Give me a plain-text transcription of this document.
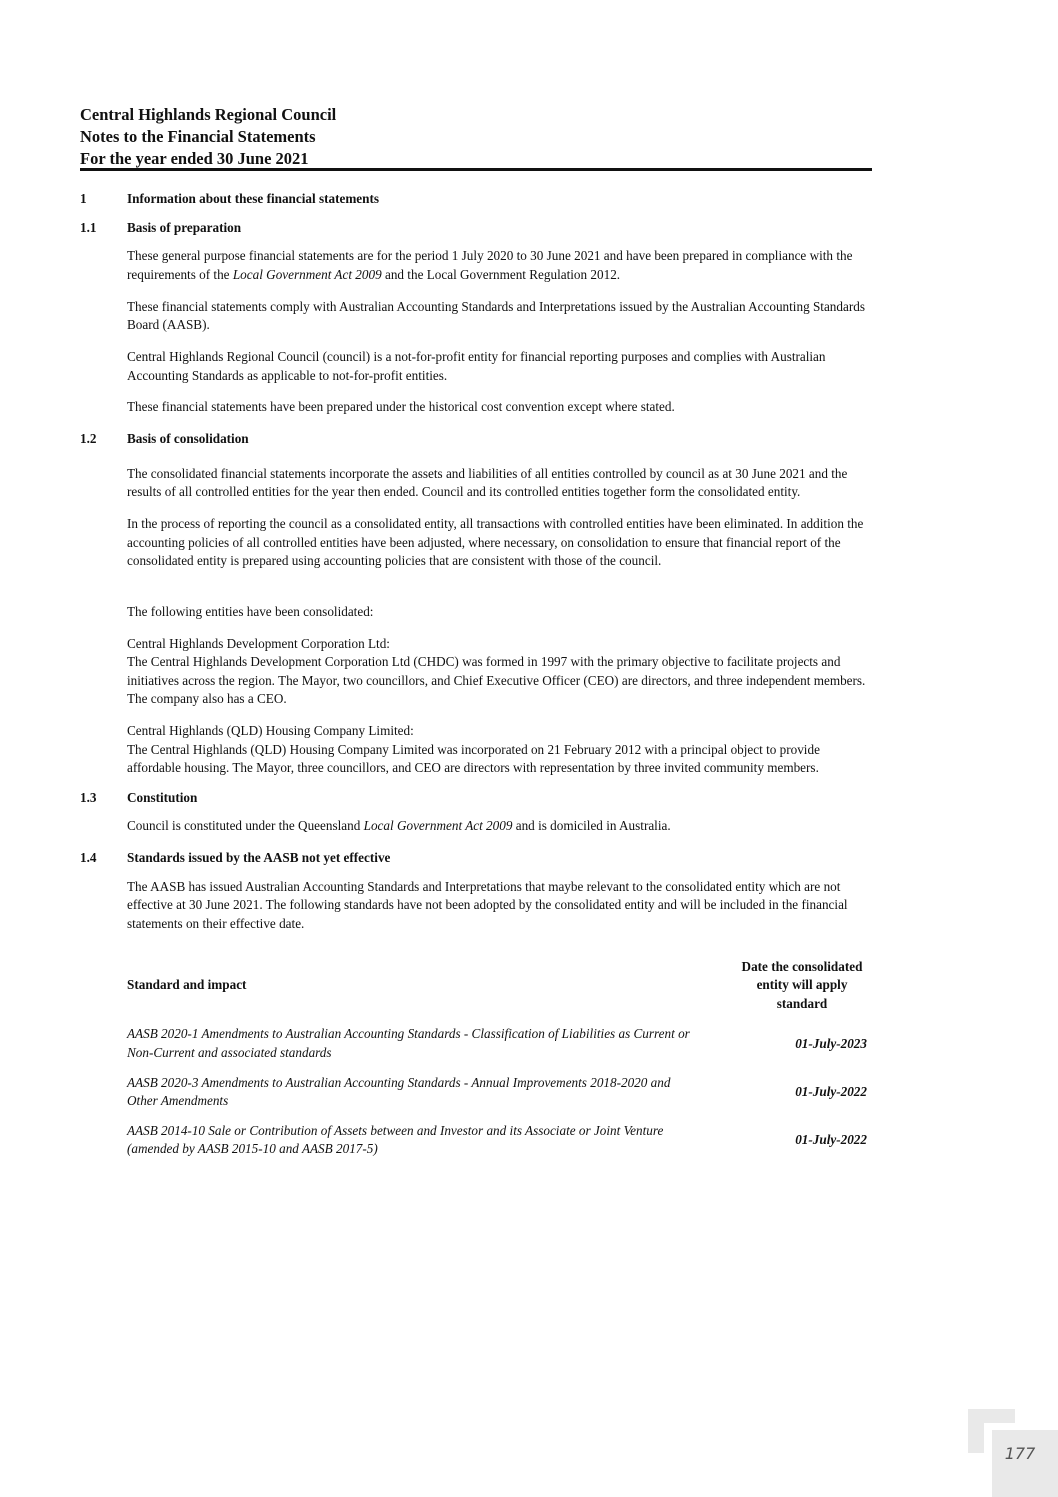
Central Highlands Regional Council
Notes to the Financial Statements
For the year ended 30 June 2021
1	Information about these financial statements
1.1	Basis of preparation

These general purpose financial statements are for the period 1 July 2020 to 30 June 2021 and have been prepared in compliance with the requirements of the Local Government Act 2009 and the Local Government Regulation 2012.

These financial statements comply with Australian Accounting Standards and Interpretations issued by the Australian Accounting Standards Board (AASB).

Central Highlands Regional Council (council) is a not-for-profit entity for financial reporting purposes and complies with Australian Accounting Standards as applicable to not-for-profit entities.

These financial statements have been prepared under the historical cost convention except where stated.

1.2	Basis of consolidation

The consolidated financial statements incorporate the assets and liabilities of all entities controlled by council as at 30 June 2021 and the results of all controlled entities for the year then ended. Council and its controlled entities together form the consolidated entity.

In the process of reporting the council as a consolidated entity, all transactions with controlled entities have been eliminated. In addition the accounting policies of all controlled entities have been adjusted, where necessary, on consolidation to ensure that financial report of the consolidated entity is prepared using accounting policies that are consistent with those of the council.

The following entities have been consolidated:

Central Highlands Development Corporation Ltd:
The Central Highlands Development Corporation Ltd (CHDC) was formed in 1997 with the primary objective to facilitate projects and initiatives across the region. The Mayor, two councillors, and Chief Executive Officer (CEO) are directors, and three independent members. The company also has a CEO.
Central Highlands (QLD) Housing Company Limited:
The Central Highlands (QLD) Housing Company Limited was incorporated on 21 February 2012 with a principal object to provide affordable housing. The Mayor, three councillors, and CEO are directors with representation by three invited community members.
1.3	Constitution

Council is constituted under the Queensland Local Government Act 2009 and is domiciled in Australia.

1.4	Standards issued by the AASB not yet effective

The AASB has issued Australian Accounting Standards and Interpretations that maybe relevant to the consolidated entity which are not effective at 30 June 2021. The following standards have not been adopted by the consolidated entity and will be included in the financial statements on their effective date.

Standard and impact	Date the consolidated
entity will apply
standard

AASB 2020-1 Amendments to Australian Accounting Standards - Classification of Liabilities as Current or Non-Current and associated standards	01-July-2023

AASB 2020-3 Amendments to Australian Accounting Standards - Annual Improvements 2018-2020 and Other Amendments	01-July-2022

AASB 2014-10 Sale or Contribution of Assets between and Investor and its Associate or Joint Venture (amended by AASB 2015-10 and AASB 2017-5)	01-July-2022
177
